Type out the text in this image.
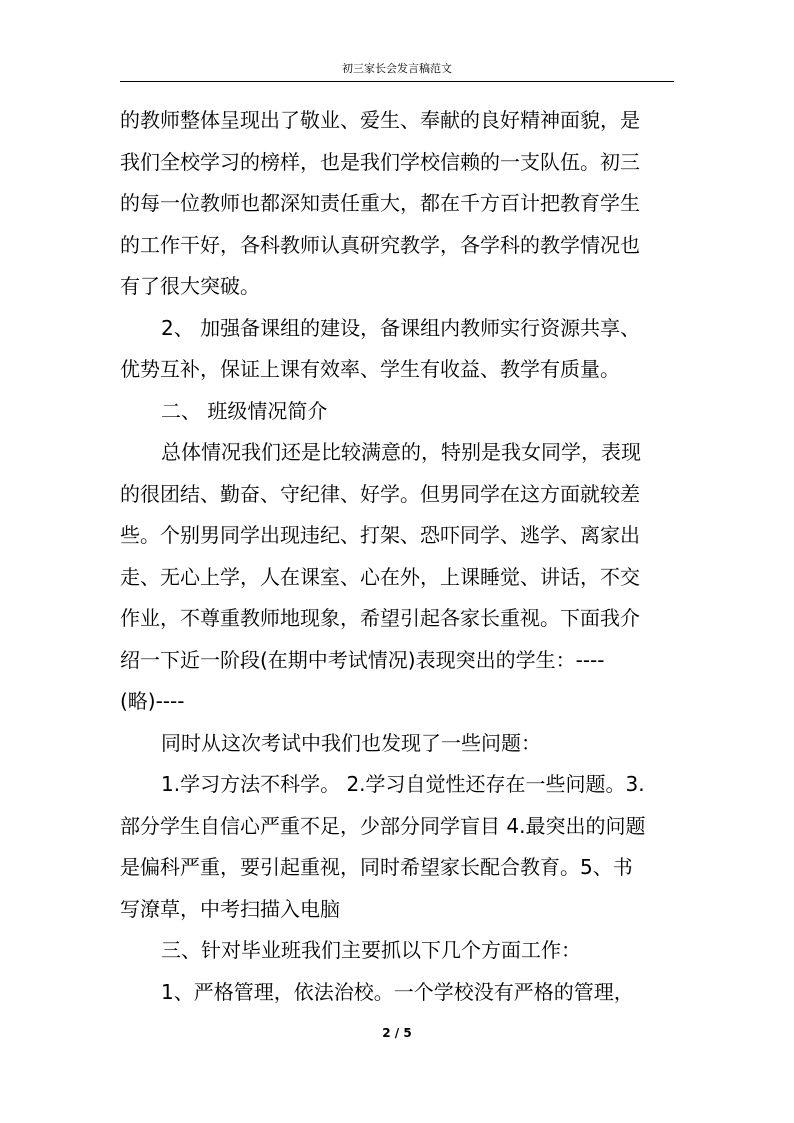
初三家长会发言稿范文

的教师整体呈现出了敬业、爱生、奉献的良好精神面貌，是

我们全校学习的榜样，也是我们学校信赖的一支队伍。初三

的每一位教师也都深知责任重大，都在千方百计把教育学生

的工作干好，各科教师认真研究教学，各学科的教学情况也

有了很大突破。

2、 加强备课组的建设，备课组内教师实行资源共享、

优势互补，保证上课有效率、学生有收益、教学有质量。

二、 班级情况简介

总体情况我们还是比较满意的，特别是我女同学，表现

的很团结、勤奋、守纪律、好学。但男同学在这方面就较差

些。个别男同学出现违纪、打架、恐吓同学、逃学、离家出

走、无心上学，人在课室、心在外，上课睡觉、讲话，不交

作业，不尊重教师地现象，希望引起各家长重视。下面我介

绍一下近一阶段(在期中考试情况)表现突出的学生：----

(略)----

同时从这次考试中我们也发现了一些问题：

1.学习方法不科学。 2.学习自觉性还存在一些问题。3.

部分学生自信心严重不足，少部分同学盲目 4.最突出的问题

是偏科严重，要引起重视，同时希望家长配合教育。5、书

写潦草，中考扫描入电脑

三、针对毕业班我们主要抓以下几个方面工作：

1、严格管理，依法治校。一个学校没有严格的管理，

2 / 5
